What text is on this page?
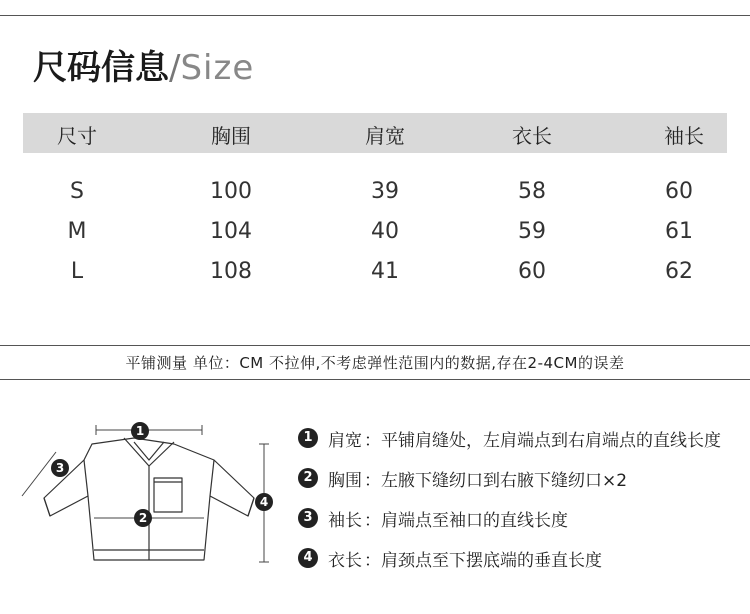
尺码信息/Size
尺寸	胸围	肩宽	衣长	袖长
S	100	39	58	60
M	104	40	59	61
L	108	41	60	62
平铺测量 单位：CM 不拉伸,不考虑弹性范围内的数据,存在2-4CM的误差
1
2
3
4
1 肩宽 ： 平铺肩缝处，左肩端点到右肩端点的直线长度
2 胸围 ： 左腋下缝纫口到右腋下缝纫口×2
3 袖长 ： 肩端点至袖口的直线长度
4 衣长 ： 肩颈点至下摆底端的垂直长度
